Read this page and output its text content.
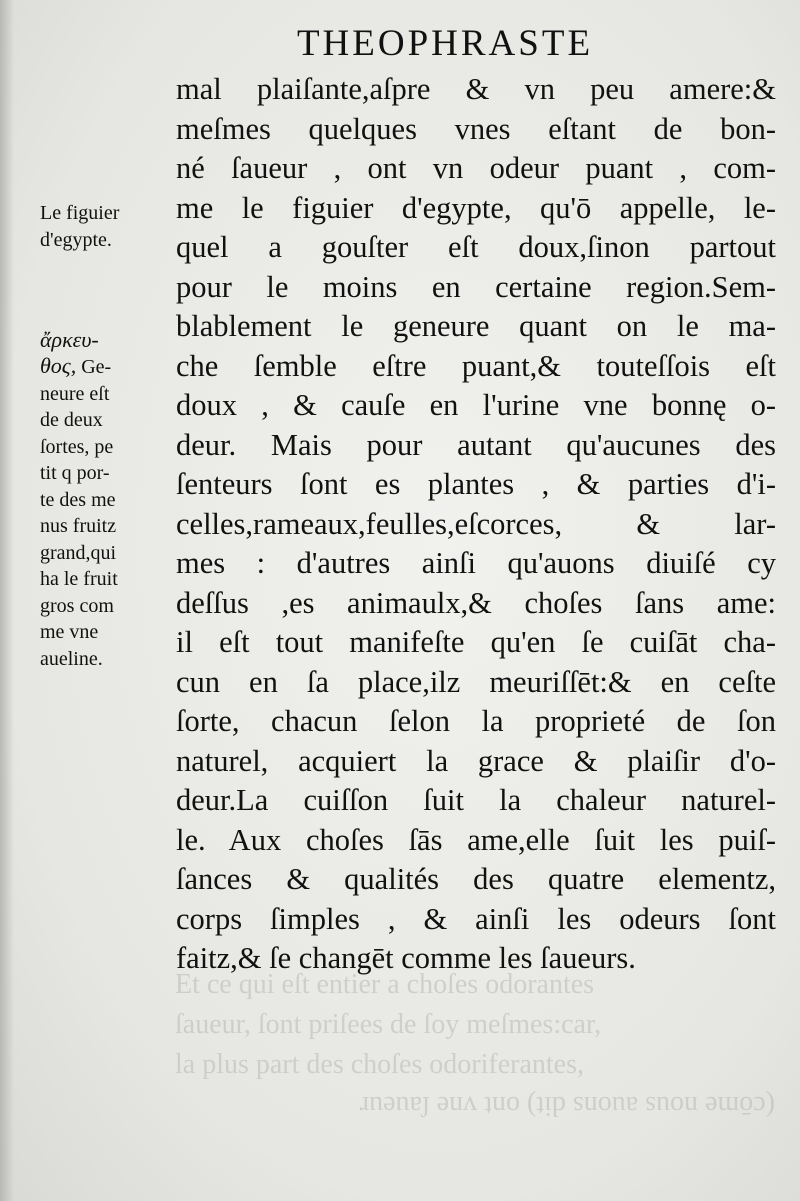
Et ce qui eſt entier a choſes odorantes
ſaueur, ſont priſees de ſoy meſmes:car,
la plus part des choſes odoriferantes,
(cōme nous auons dit) ont vne ſaueur
THEOPHRASTE
Le figuier
d'egypte.
ἄρκευ-
θος, Ge-
neure eſt
de deux
ſortes, pe
tit q por-
te des me
nus fruitz
grand,qui
ha le fruit
gros com
me vne
aueline.
mal plaiſante,aſpre & vn peu amere:&
meſmes quelques vnes eſtant de bon-
né ſaueur , ont vn odeur puant , com-
me le figuier d'egypte, qu'ō appelle, le-
quel a gouſter eſt doux,ſinon partout
pour le moins en certaine region.Sem-
blablement le geneure quant on le ma-
che ſemble eſtre puant,& touteſſois eſt
doux , & cauſe en l'urine vne bonnę o-
deur. Mais pour autant qu'aucunes des
ſenteurs ſont es plantes , & parties d'i-
celles,rameaux,feulles,eſcorces, & lar-
mes : d'autres ainſi qu'auons diuiſé cy
deſſus ,es animaulx,& choſes ſans ame:
il eſt tout manifeſte qu'en ſe cuiſāt cha-
cun en ſa place,ilz meuriſſēt:& en ceſte
ſorte, chacun ſelon la proprieté de ſon
naturel, acquiert la grace & plaiſir d'o-
deur.La cuiſſon ſuit la chaleur naturel-
le. Aux choſes ſās ame,elle ſuit les puiſ-
ſances & qualités des quatre elementz,
corps ſimples , & ainſi les odeurs ſont
faitz,& ſe changēt comme les ſaueurs.
